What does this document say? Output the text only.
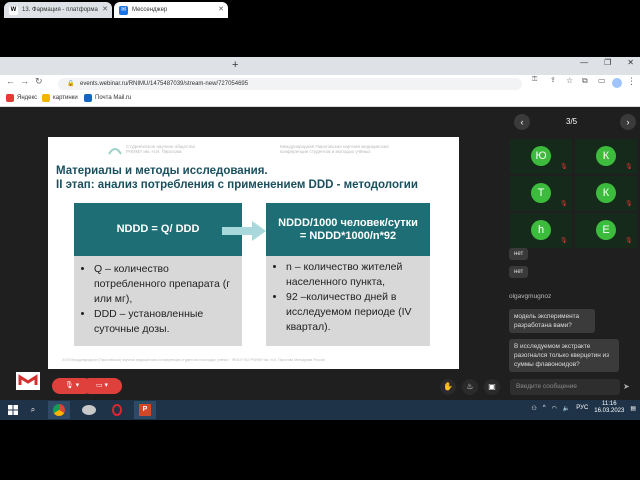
W 13. Фармация - платформа ✕	✉ Мессенджер	✕
+	— ❐ ✕
← → ↻	🔒 events.webinar.ru/RNIMU/1475487039/stream-new/727054695
⚿ ⇪ ☆ ⧉ ▭ ⋮
Яндекс	картинки	Почта Mail.ru
Студенческое научное общество
РНИМУ им. Н.И. Пирогова
Международная Пироговская научная медицинская
конференция студентов и молодых учёных
Материалы и методы исследования.
II этап: анализ потребления с применением DDD - методологии
NDDD = Q/ DDD
• Q – количество потребленного препарата (г или мг),
• DDD – установленные суточные дозы.
NDDD/1000 человек/сутки = NDDD*1000/n*92
• n – количество жителей населенного пункта,
• 92 –количество дней в исследуемом периоде (IV квартал).
XVIII Международная (Пироговская) научная медицинская конференция студентов и молодых учёных · ФГАОУ ВО РНИМУ им. Н.И. Пирогова Минздрава России
‹	3/5	›
Ю
🎙
К
🎙
Т
🎙
К
🎙
h
🎙
Е
🎙
нет
нет
olgavgmugnoz
модель эксперимента разработана вами?
В исследуемом экстракте разогнался только кверцетин из суммы флавоноидов?
Введите сообщение	➤
🎙 ▾	▭ ▾	✋	♨	▣
⌕	P	⚇ ^ ◠ 🔈 РУС
11:16
16.03.2023 ▤
